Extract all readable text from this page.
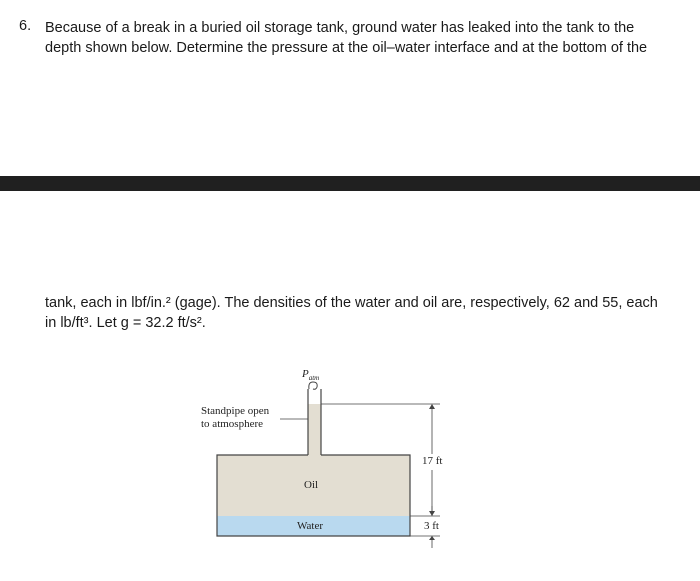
6. Because of a break in a buried oil storage tank, ground water has leaked into the tank to the
depth shown below. Determine the pressure at the oil–water interface and at the bottom of the
tank, each in lbf/in.² (gage). The densities of the water and oil are, respectively, 62 and 55, each
in lb/ft³. Let g = 32.2 ft/s².
$P_{atm}$
Standpipe open
to atmosphere
Oil
Water
17 ft
3 ft
